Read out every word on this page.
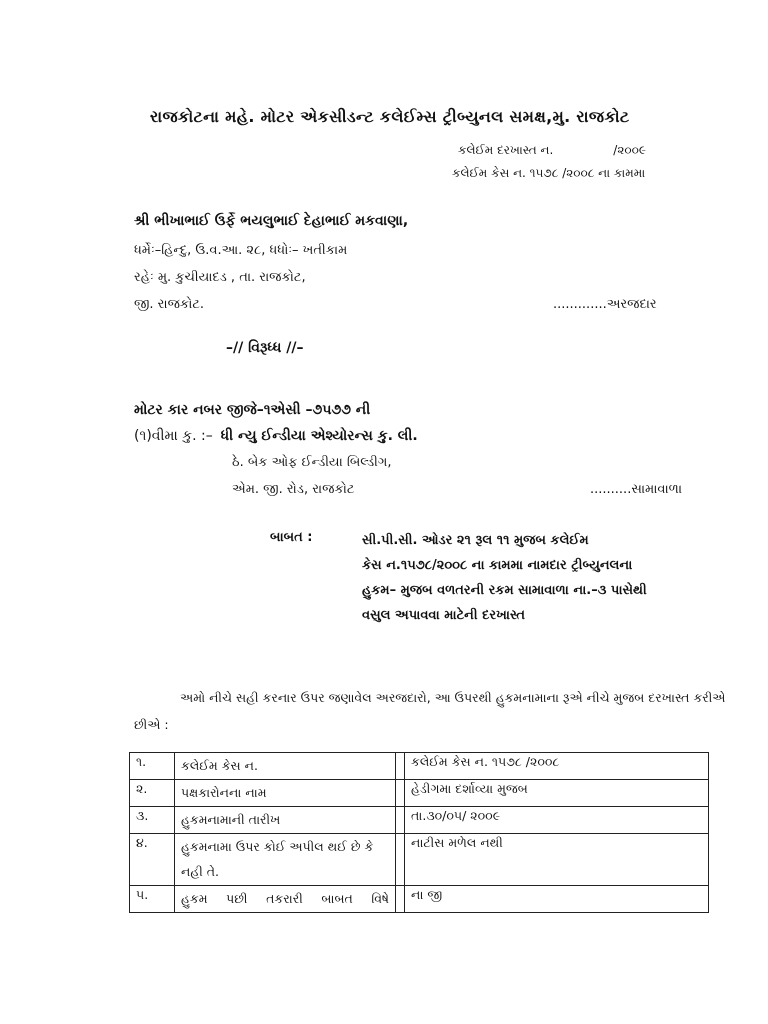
રાજકોટના મહે. મોટર એકસીડન્ટ કલેઈમ્સ ટ્રીબ્યુનલ સમક્ષ,મુ. રાજકોટ
કલેઈમ દરખાસ્ત ન.	/૨૦૦૯
કલેઈમ કેસ ન. ૧૫૭૮ /૨૦૦૮ ના કામમા
શ્રી ભીખાભાઈ ઉર્ફે ભયલુભાઈ દેહાભાઈ મકવાણા,
ધર્મેઃ–હિન્દુ, ઉ.વ.આ. ૨૮, ધધોઃ– ખતીકામ
રહેઃ મુ. કુચીયાદડ , તા. રાજકોટ,
જી. રાજકોટ.	.............અરજદાર
–// વિરૂધ્ધ //–
મોટર કાર નબર જીજે–૧એસી –૭૫૭૭ ની
(૧)વીમા કુ. :– ધી ન્યુ ઈન્ડીયા એશ્યોરન્સ કુ. લી.
ઠે. બેક ઓફ ઈન્ડીયા બિલ્ડીગ,
એમ. જી. રોડ, રાજકોટ	..........સામાવાળા
બાબત :	સી.પી.સી. ઓડર ૨૧ રૂલ ૧૧ મુજબ કલેઈમ
કેસ ન.૧૫૭૮/૨૦૦૮ ના કામમા નામદાર ટ્રીબ્યુનલના
હુકમ– મુજબ વળતરની રકમ સામાવાળા ના.–૩ પાસેથી
વસુલ અપાવવા માટેની દરખાસ્ત
અમો નીચે સહી કરનાર ઉપર જણાવેલ અરજદારો, આ ઉપરથી હુકમનામાના રૂએ નીચે મુજબ દરખાસ્ત કરીએ છીએ :
૧.	કલેઈમ કેસ ન.		કલેઈમ કેસ ન. ૧૫૭૮ /૨૦૦૮
૨.	પક્ષકારોનના નામ		હેડીગમા દર્શાવ્યા મુજબ
૩.	હુકમનામાની તારીખ		તા.૩૦/૦૫/ ૨૦૦૯
૪.	હુકમનામા ઉપર કોઈ અપીલ થઈ છે કે નહી તે.		નાટીસ મળેલ નથી
૫.	હુકમ પછી તકરારી બાબત વિષે		ના જી
